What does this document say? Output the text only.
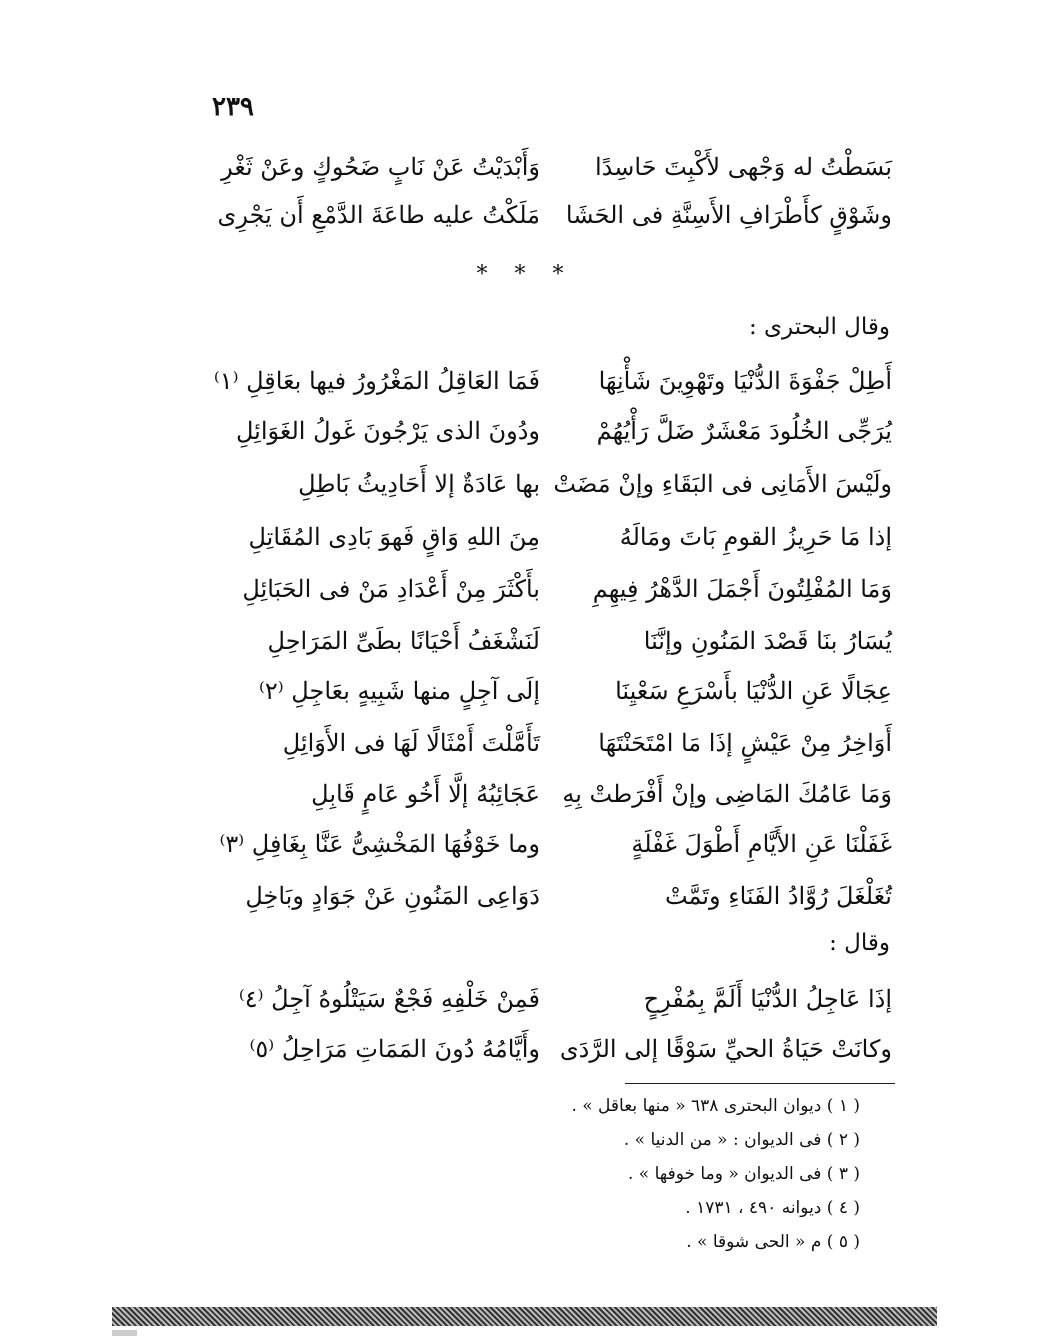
٢٣٩
بَسَطْتُ له وَجْهى لأَكْبِتَ حَاسِدًا
وَأَبْدَيْتُ عَنْ نَابٍ ضَحُوكٍ وعَنْ ثَغْرِ
وشَوْقٍ كأَطْرَافِ الأَسِنَّةِ فى الحَشَا
مَلَكْتُ عليه طاعَةَ الدَّمْعِ أَن يَجْرِى
* * *
وقال البحترى :
أَطِلْ جَفْوَةَ الدُّنْيَا وتَهْوِينَ شَأْنِهَا
فَمَا العَاقِلُ المَغْرُورُ فيها بعَاقِلِ ⁽١⁾
يُرَجِّى الخُلُودَ مَعْشَرٌ ضَلَّ رَأْيُهُمْ
ودُونَ الذى يَرْجُونَ غَولُ الغَوَائِلِ
ولَيْسَ الأَمَانِى فى البَقَاءِ وإنْ مَضَتْ
بها عَادَةٌ إلا أَحَادِيثُ بَاطِلِ
إذا مَا حَرِيزُ القومِ بَاتَ ومَالَهُ
مِنَ اللهِ وَاقٍ فَهوَ بَادِى المُقَاتِلِ
وَمَا المُفْلِتُونَ أَجْمَلَ الدَّهْرُ فِيهِمِ
بأَكْثَرَ مِنْ أَعْدَادِ مَنْ فى الحَبَائِلِ
يُسَارُ بنَا قَصْدَ المَنُونِ وإنَّنَا
لَنَشْغَفُ أَحْيَانًا بطَىِّ المَرَاحِلِ
عِجَالًا عَنِ الدُّنْيَا بأَسْرَعِ سَعْيِنَا
إلَى آجِلٍ منها شَبِيهٍ بعَاجِلِ ⁽٢⁾
أَوَاخِرُ مِنْ عَيْشٍ إذَا مَا امْتَحَنْتَهَا
تَأَمَّلْتَ أَمْثَالًا لَهَا فى الأَوَائِلِ
وَمَا عَامُكَ المَاضِى وإنْ أَفْرَطتْ بِهِ
عَجَائِبُهُ إلَّا أَخُو عَامٍ قَابِلِ
غَفَلْنَا عَنِ الأَيَّامِ أَطْوَلَ غَفْلَةٍ
وما خَوْفُهَا المَخْشِىُّ عَنَّا بِغَافِلِ ⁽٣⁾
تُغَلْغَلَ رُوَّادُ الفَنَاءِ وتَمَّتْ
دَوَاعِى المَنُونِ عَنْ جَوَادٍ وبَاخِلِ
وقال :
إذَا عَاجِلُ الدُّنْيَا أَلَمَّ بِمُفْرِحٍ
فَمِنْ خَلْفِهِ فَجْعٌ سَيَتْلُوهُ آجِلُ ⁽٤⁾
وكانَتْ حَيَاةُ الحيِّ سَوْقًا إلى الرَّدَى
وأَيَّامُهُ دُونَ المَمَاتِ مَرَاحِلُ ⁽٥⁾
( ١ ) ديوان البحترى ٦٣٨ « منها بعاقل » .
( ٢ ) فى الديوان : « من الدنيا » .
( ٣ ) فى الديوان « وما خوفها » .
( ٤ ) ديوانه ٤٩٠ ، ١٧٣١ .
( ٥ ) م « الحى شوقا » .
